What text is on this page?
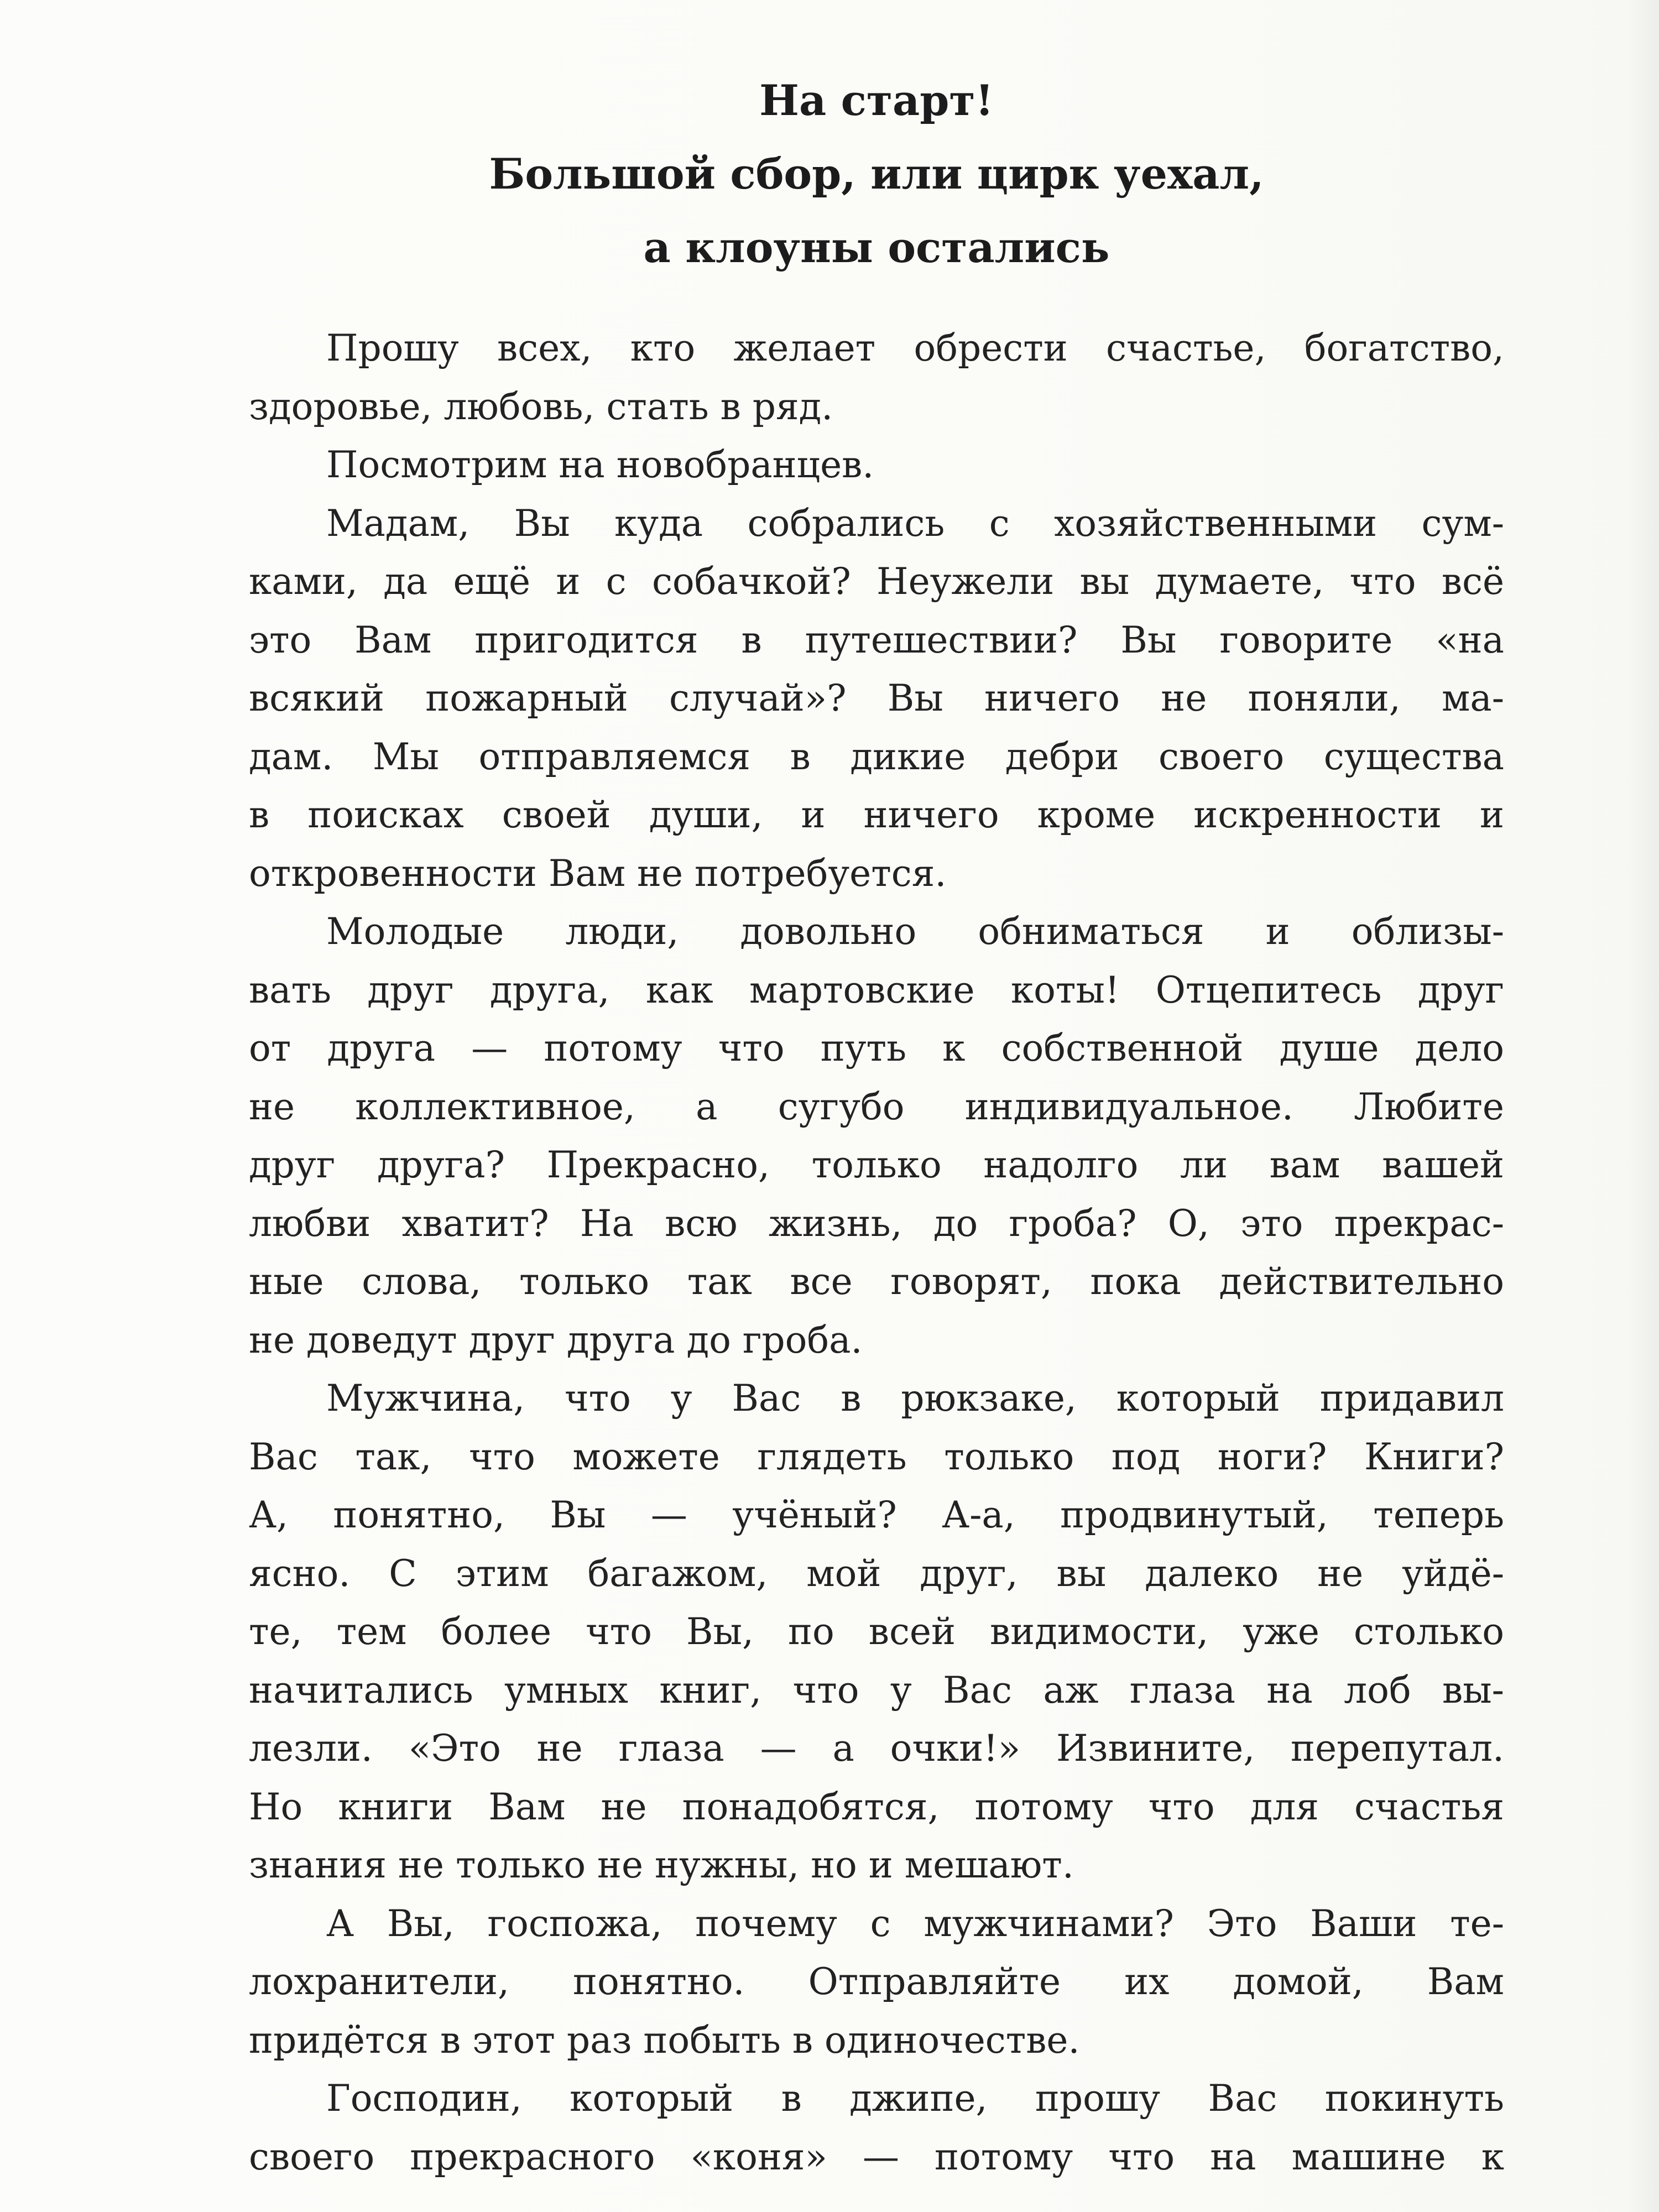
На старт!
Большой сбор, или цирк уехал,
а клоуны остались

Прошу всех, кто желает обрести счастье, богатство,
здоровье, любовь, стать в ряд.

Посмотрим на новобранцев.

Мадам, Вы куда собрались с хозяйственными сум-
ками, да ещё и с собачкой? Неужели вы думаете, что всё
это Вам пригодится в путешествии? Вы говорите «на
всякий пожарный случай»? Вы ничего не поняли, ма-
дам. Мы отправляемся в дикие дебри своего существа
в поисках своей души, и ничего кроме искренности и
откровенности Вам не потребуется.

Молодые люди, довольно обниматься и облизы-
вать друг друга, как мартовские коты! Отцепитесь друг
от друга — потому что путь к собственной душе дело
не коллективное, а сугубо индивидуальное. Любите
друг друга? Прекрасно, только надолго ли вам вашей
любви хватит? На всю жизнь, до гроба? О, это прекрас-
ные слова, только так все говорят, пока действительно
не доведут друг друга до гроба.

Мужчина, что у Вас в рюкзаке, который придавил
Вас так, что можете глядеть только под ноги? Книги?
А, понятно, Вы — учёный? А-а, продвинутый, теперь
ясно. С этим багажом, мой друг, вы далеко не уйдё-
те, тем более что Вы, по всей видимости, уже столько
начитались умных книг, что у Вас аж глаза на лоб вы-
лезли. «Это не глаза — а очки!» Извините, перепутал.
Но книги Вам не понадобятся, потому что для счастья
знания не только не нужны, но и мешают.

А Вы, госпожа, почему с мужчинами? Это Ваши те-
лохранители, понятно. Отправляйте их домой, Вам
придётся в этот раз побыть в одиночестве.

Господин, который в джипе, прошу Вас покинуть
своего прекрасного «коня» — потому что на машине к
